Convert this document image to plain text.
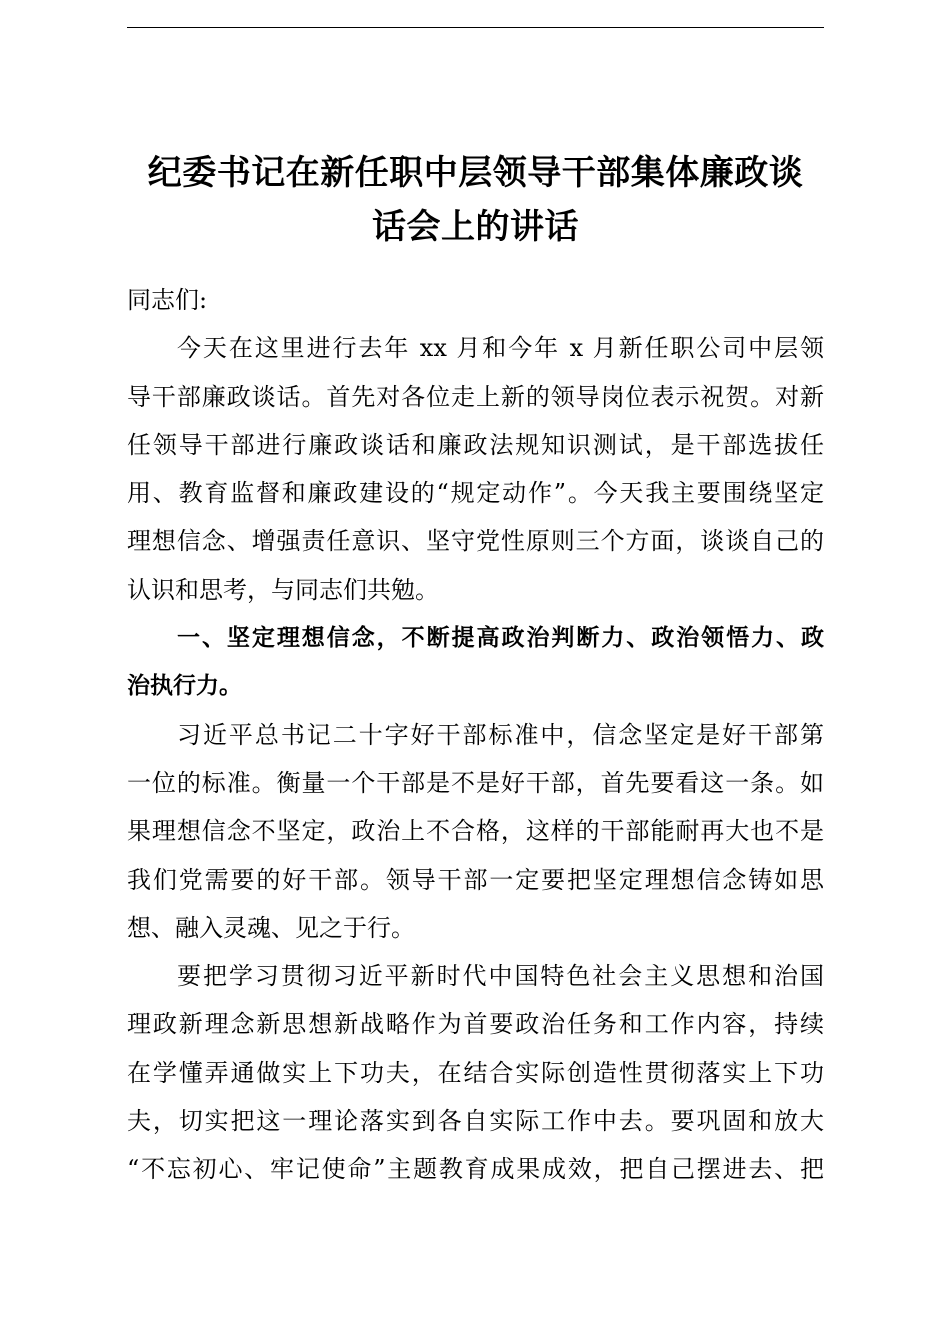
纪委书记在新任职中层领导干部集体廉政谈
话会上的讲话
同志们:
今天在这里进行去年 xx 月和今年 x 月新任职公司中层领
导干部廉政谈话。首先对各位走上新的领导岗位表示祝贺。对新
任领导干部进行廉政谈话和廉政法规知识测试，是干部选拔任
用、教育监督和廉政建设的“规定动作”。今天我主要围绕坚定
理想信念、增强责任意识、坚守党性原则三个方面，谈谈自己的
认识和思考，与同志们共勉。
一、坚定理想信念，不断提高政治判断力、政治领悟力、政
治执行力。
习近平总书记二十字好干部标准中，信念坚定是好干部第
一位的标准。衡量一个干部是不是好干部，首先要看这一条。如
果理想信念不坚定，政治上不合格，这样的干部能耐再大也不是
我们党需要的好干部。领导干部一定要把坚定理想信念铸如思
想、融入灵魂、见之于行。
要把学习贯彻习近平新时代中国特色社会主义思想和治国
理政新理念新思想新战略作为首要政治任务和工作内容，持续
在学懂弄通做实上下功夫，在结合实际创造性贯彻落实上下功
夫，切实把这一理论落实到各自实际工作中去。要巩固和放大
“不忘初心、牢记使命”主题教育成果成效，把自己摆进去、把
